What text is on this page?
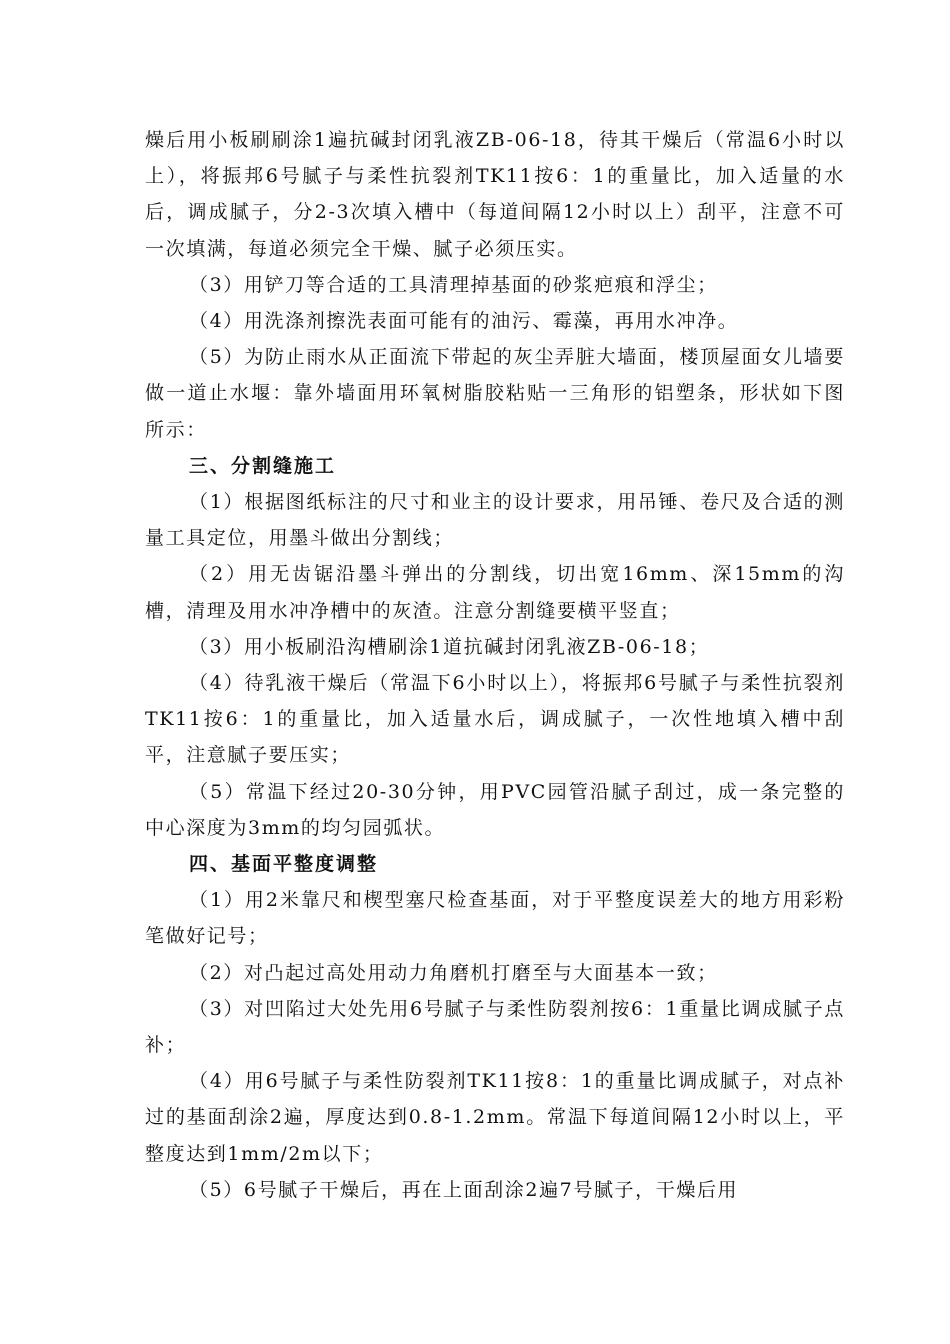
燥后用小板刷刷涂1遍抗碱封闭乳液ZB-06-18，待其干燥后（常温6小时以上），将振邦6号腻子与柔性抗裂剂TK11按6：1的重量比，加入适量的水后，调成腻子，分2-3次填入槽中（每道间隔12小时以上）刮平，注意不可一次填满，每道必须完全干燥、腻子必须压实。

（3）用铲刀等合适的工具清理掉基面的砂浆疤痕和浮尘；

（4）用洗涤剂擦洗表面可能有的油污、霉藻，再用水冲净。

（5）为防止雨水从正面流下带起的灰尘弄脏大墙面，楼顶屋面女儿墙要做一道止水堰：靠外墙面用环氧树脂胶粘贴一三角形的铝塑条，形状如下图所示：

三、分割缝施工

（1）根据图纸标注的尺寸和业主的设计要求，用吊锤、卷尺及合适的测量工具定位，用墨斗做出分割线；

（2）用无齿锯沿墨斗弹出的分割线，切出宽16mm、深15mm的沟槽，清理及用水冲净槽中的灰渣。注意分割缝要横平竖直；

（3）用小板刷沿沟槽刷涂1道抗碱封闭乳液ZB-06-18；

（4）待乳液干燥后（常温下6小时以上），将振邦6号腻子与柔性抗裂剂TK11按6：1的重量比，加入适量水后，调成腻子，一次性地填入槽中刮平，注意腻子要压实；

（5）常温下经过20-30分钟，用PVC园管沿腻子刮过，成一条完整的中心深度为3mm的均匀园弧状。

四、基面平整度调整

（1）用2米靠尺和楔型塞尺检查基面，对于平整度误差大的地方用彩粉笔做好记号；

（2）对凸起过高处用动力角磨机打磨至与大面基本一致；

（3）对凹陷过大处先用6号腻子与柔性防裂剂按6：1重量比调成腻子点补；

（4）用6号腻子与柔性防裂剂TK11按8：1的重量比调成腻子，对点补过的基面刮涂2遍，厚度达到0.8-1.2mm。常温下每道间隔12小时以上，平整度达到1mm/2m以下；

（5）6号腻子干燥后，再在上面刮涂2遍7号腻子，干燥后用
